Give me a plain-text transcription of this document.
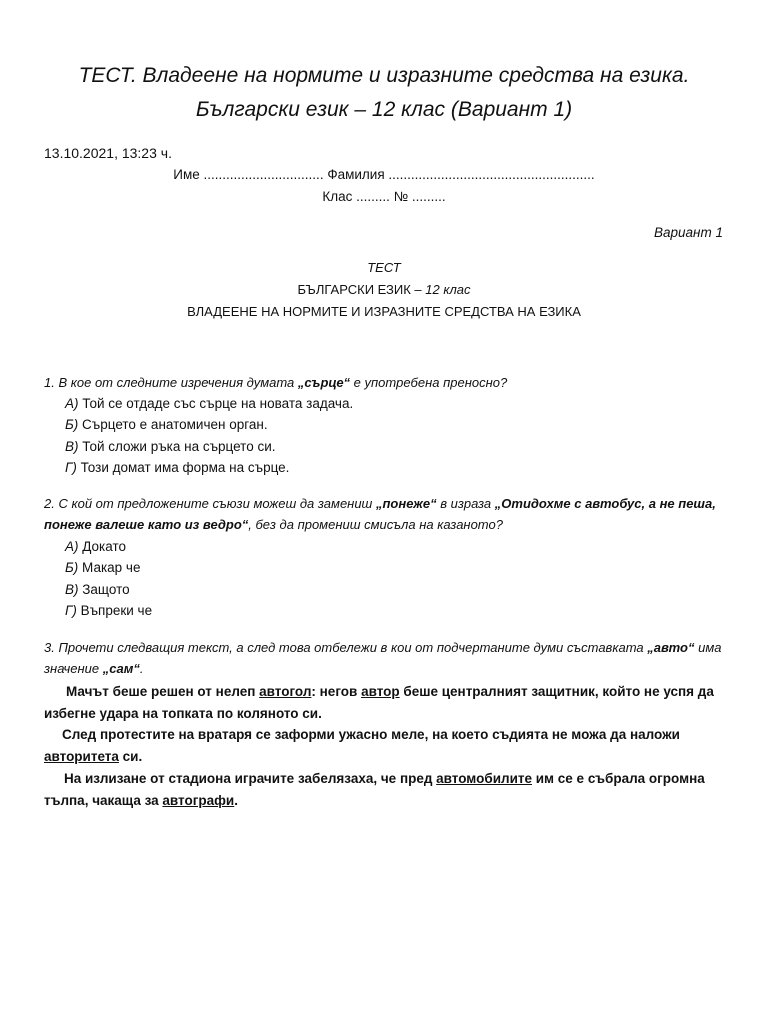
ТЕСТ. Владеене на нормите и изразните средства на езика.
Български език – 12 клас (Вариант 1)
13.10.2021, 13:23 ч.
Име ................................ Фамилия .......................................................
Клас ......... № .........
Вариант 1
ТЕСТ
БЪЛГАРСКИ ЕЗИК – 12 клас
ВЛАДЕЕНЕ НА НОРМИТЕ И ИЗРАЗНИТЕ СРЕДСТВА НА ЕЗИКА
1. В кое от следните изречения думата „сърце“ е употребена преносно?
А) Той се отдаде със сърце на новата задача.
Б) Сърцето е анатомичен орган.
В) Той сложи ръка на сърцето си.
Г) Този домат има форма на сърце.
2. С кой от предложените съюзи можеш да замениш „понеже“ в израза „Отидохме с автобус, а не пеша, понеже валеше като из ведро“, без да промениш смисъла на казаното?
А) Докато
Б) Макар че
В) Защото
Г) Въпреки че
3. Прочети следващия текст, а след това отбележи в кои от подчертаните думи съставката „авто“ има значение „сам“.
Мачът беше решен от нелеп автогол: негов автор беше централният защитник, който не успя да избегне удара на топката по коляното си.
След протестите на вратаря се заформи ужасно меле, на което съдията не можа да наложи авторитета си.
На излизане от стадиона играчите забелязаха, че пред автомобилите им се е събрала огромна тълпа, чакаща за автографи.
